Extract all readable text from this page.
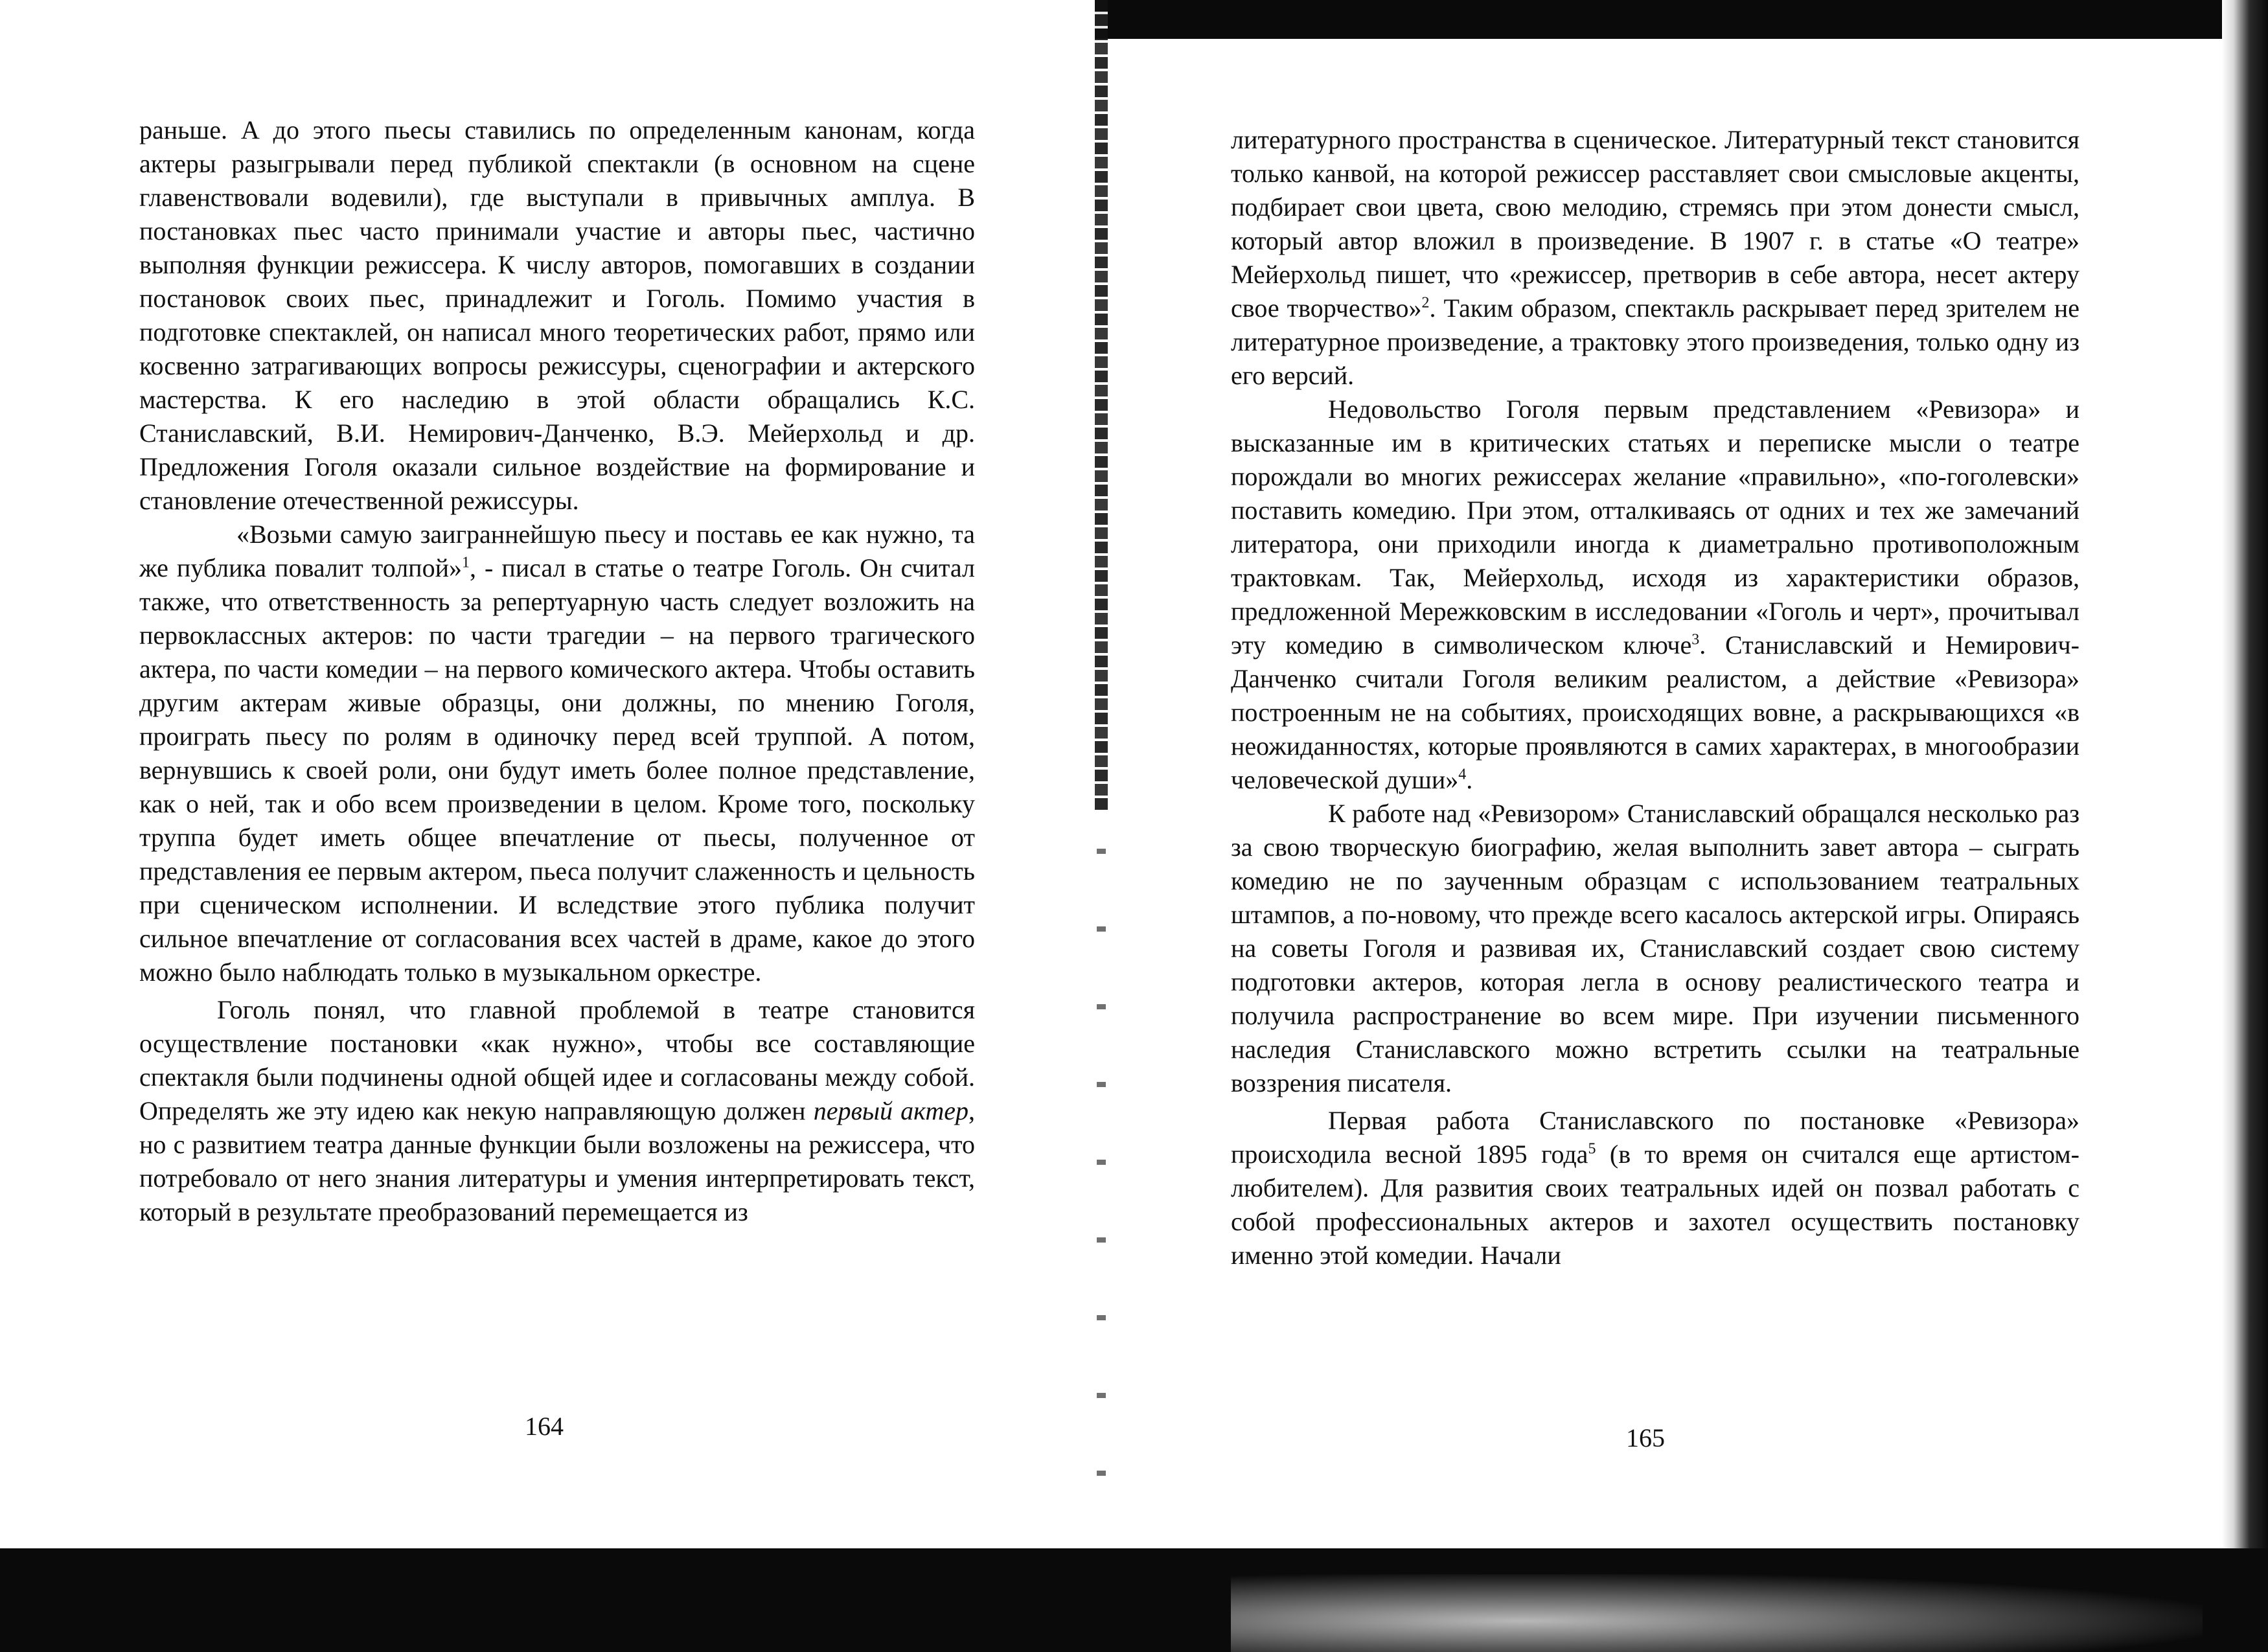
раньше. А до этого пьесы ставились по определенным канонам, когда актеры разыгрывали перед публикой спектакли (в основном на сцене главенствовали водевили), где выступали в привычных амплуа. В постановках пьес часто принимали участие и авторы пьес, частично выполняя функции режиссера. К числу авторов, помогавших в создании постановок своих пьес, принадлежит и Гоголь. Помимо участия в подготовке спектаклей, он написал много теоретических работ, прямо или косвенно затрагивающих вопросы режиссуры, сценографии и актерского мастерства. К его наследию в этой области обращались К.С. Станиславский, В.И. Немирович-Данченко, В.Э. Мейерхольд и др. Предложения Гоголя оказали сильное воздействие на формирование и становление отечественной режиссуры.

«Возьми самую заиграннейшую пьесу и поставь ее как нужно, та же публика повалит толпой»$^1$, - писал в статье о театре Гоголь. Он считал также, что ответственность за репертуарную часть следует возложить на первоклассных актеров: по части трагедии – на первого трагического актера, по части комедии – на первого комического актера. Чтобы оставить другим актерам живые образцы, они должны, по мнению Гоголя, проиграть пьесу по ролям в одиночку перед всей труппой. А потом, вернувшись к своей роли, они будут иметь более полное представление, как о ней, так и обо всем произведении в целом. Кроме того, поскольку труппа будет иметь общее впечатление от пьесы, полученное от представления ее первым актером, пьеса получит слаженность и цельность при сценическом исполнении. И вследствие этого публика получит сильное впечатление от согласования всех частей в драме, какое до этого можно было наблюдать только в музыкальном оркестре.

Гоголь понял, что главной проблемой в театре становится осуществление постановки «как нужно», чтобы все составляющие спектакля были подчинены одной общей идее и согласованы между собой. Определять же эту идею как некую направляющую должен первый актер, но с развитием театра данные функции были возложены на режиссера, что потребовало от него знания литературы и умения интерпретировать текст, который в результате преобразований перемещается из

164

литературного пространства в сценическое. Литературный текст становится только канвой, на которой режиссер расставляет свои смысловые акценты, подбирает свои цвета, свою мелодию, стремясь при этом донести смысл, который автор вложил в произведение. В 1907 г. в статье «О театре» Мейерхольд пишет, что «режиссер, претворив в себе автора, несет актеру свое творчество»$^2$. Таким образом, спектакль раскрывает перед зрителем не литературное произведение, а трактовку этого произведения, только одну из его версий.

Недовольство Гоголя первым представлением «Ревизора» и высказанные им в критических статьях и переписке мысли о театре порождали во многих режиссерах желание «правильно», «по-гоголевски» поставить комедию. При этом, отталкиваясь от одних и тех же замечаний литератора, они приходили иногда к диаметрально противоположным трактовкам. Так, Мейерхольд, исходя из характеристики образов, предложенной Мережковским в исследовании «Гоголь и черт», прочитывал эту комедию в символическом ключе$^3$. Станиславский и Немирович-Данченко считали Гоголя великим реалистом, а действие «Ревизора» построенным не на событиях, происходящих вовне, а раскрывающихся «в неожиданностях, которые проявляются в самих характерах, в многообразии человеческой души»$^4$.

К работе над «Ревизором» Станиславский обращался несколько раз за свою творческую биографию, желая выполнить завет автора – сыграть комедию не по заученным образцам с использованием театральных штампов, а по-новому, что прежде всего касалось актерской игры. Опираясь на советы Гоголя и развивая их, Станиславский создает свою систему подготовки актеров, которая легла в основу реалистического театра и получила распространение во всем мире. При изучении письменного наследия Станиславского можно встретить ссылки на театральные воззрения писателя.

Первая работа Станиславского по постановке «Ревизора» происходила весной 1895 года$^5$ (в то время он считался еще артистом-любителем). Для развития своих театральных идей он позвал работать с собой профессиональных актеров и захотел осуществить постановку именно этой комедии. Начали

165
